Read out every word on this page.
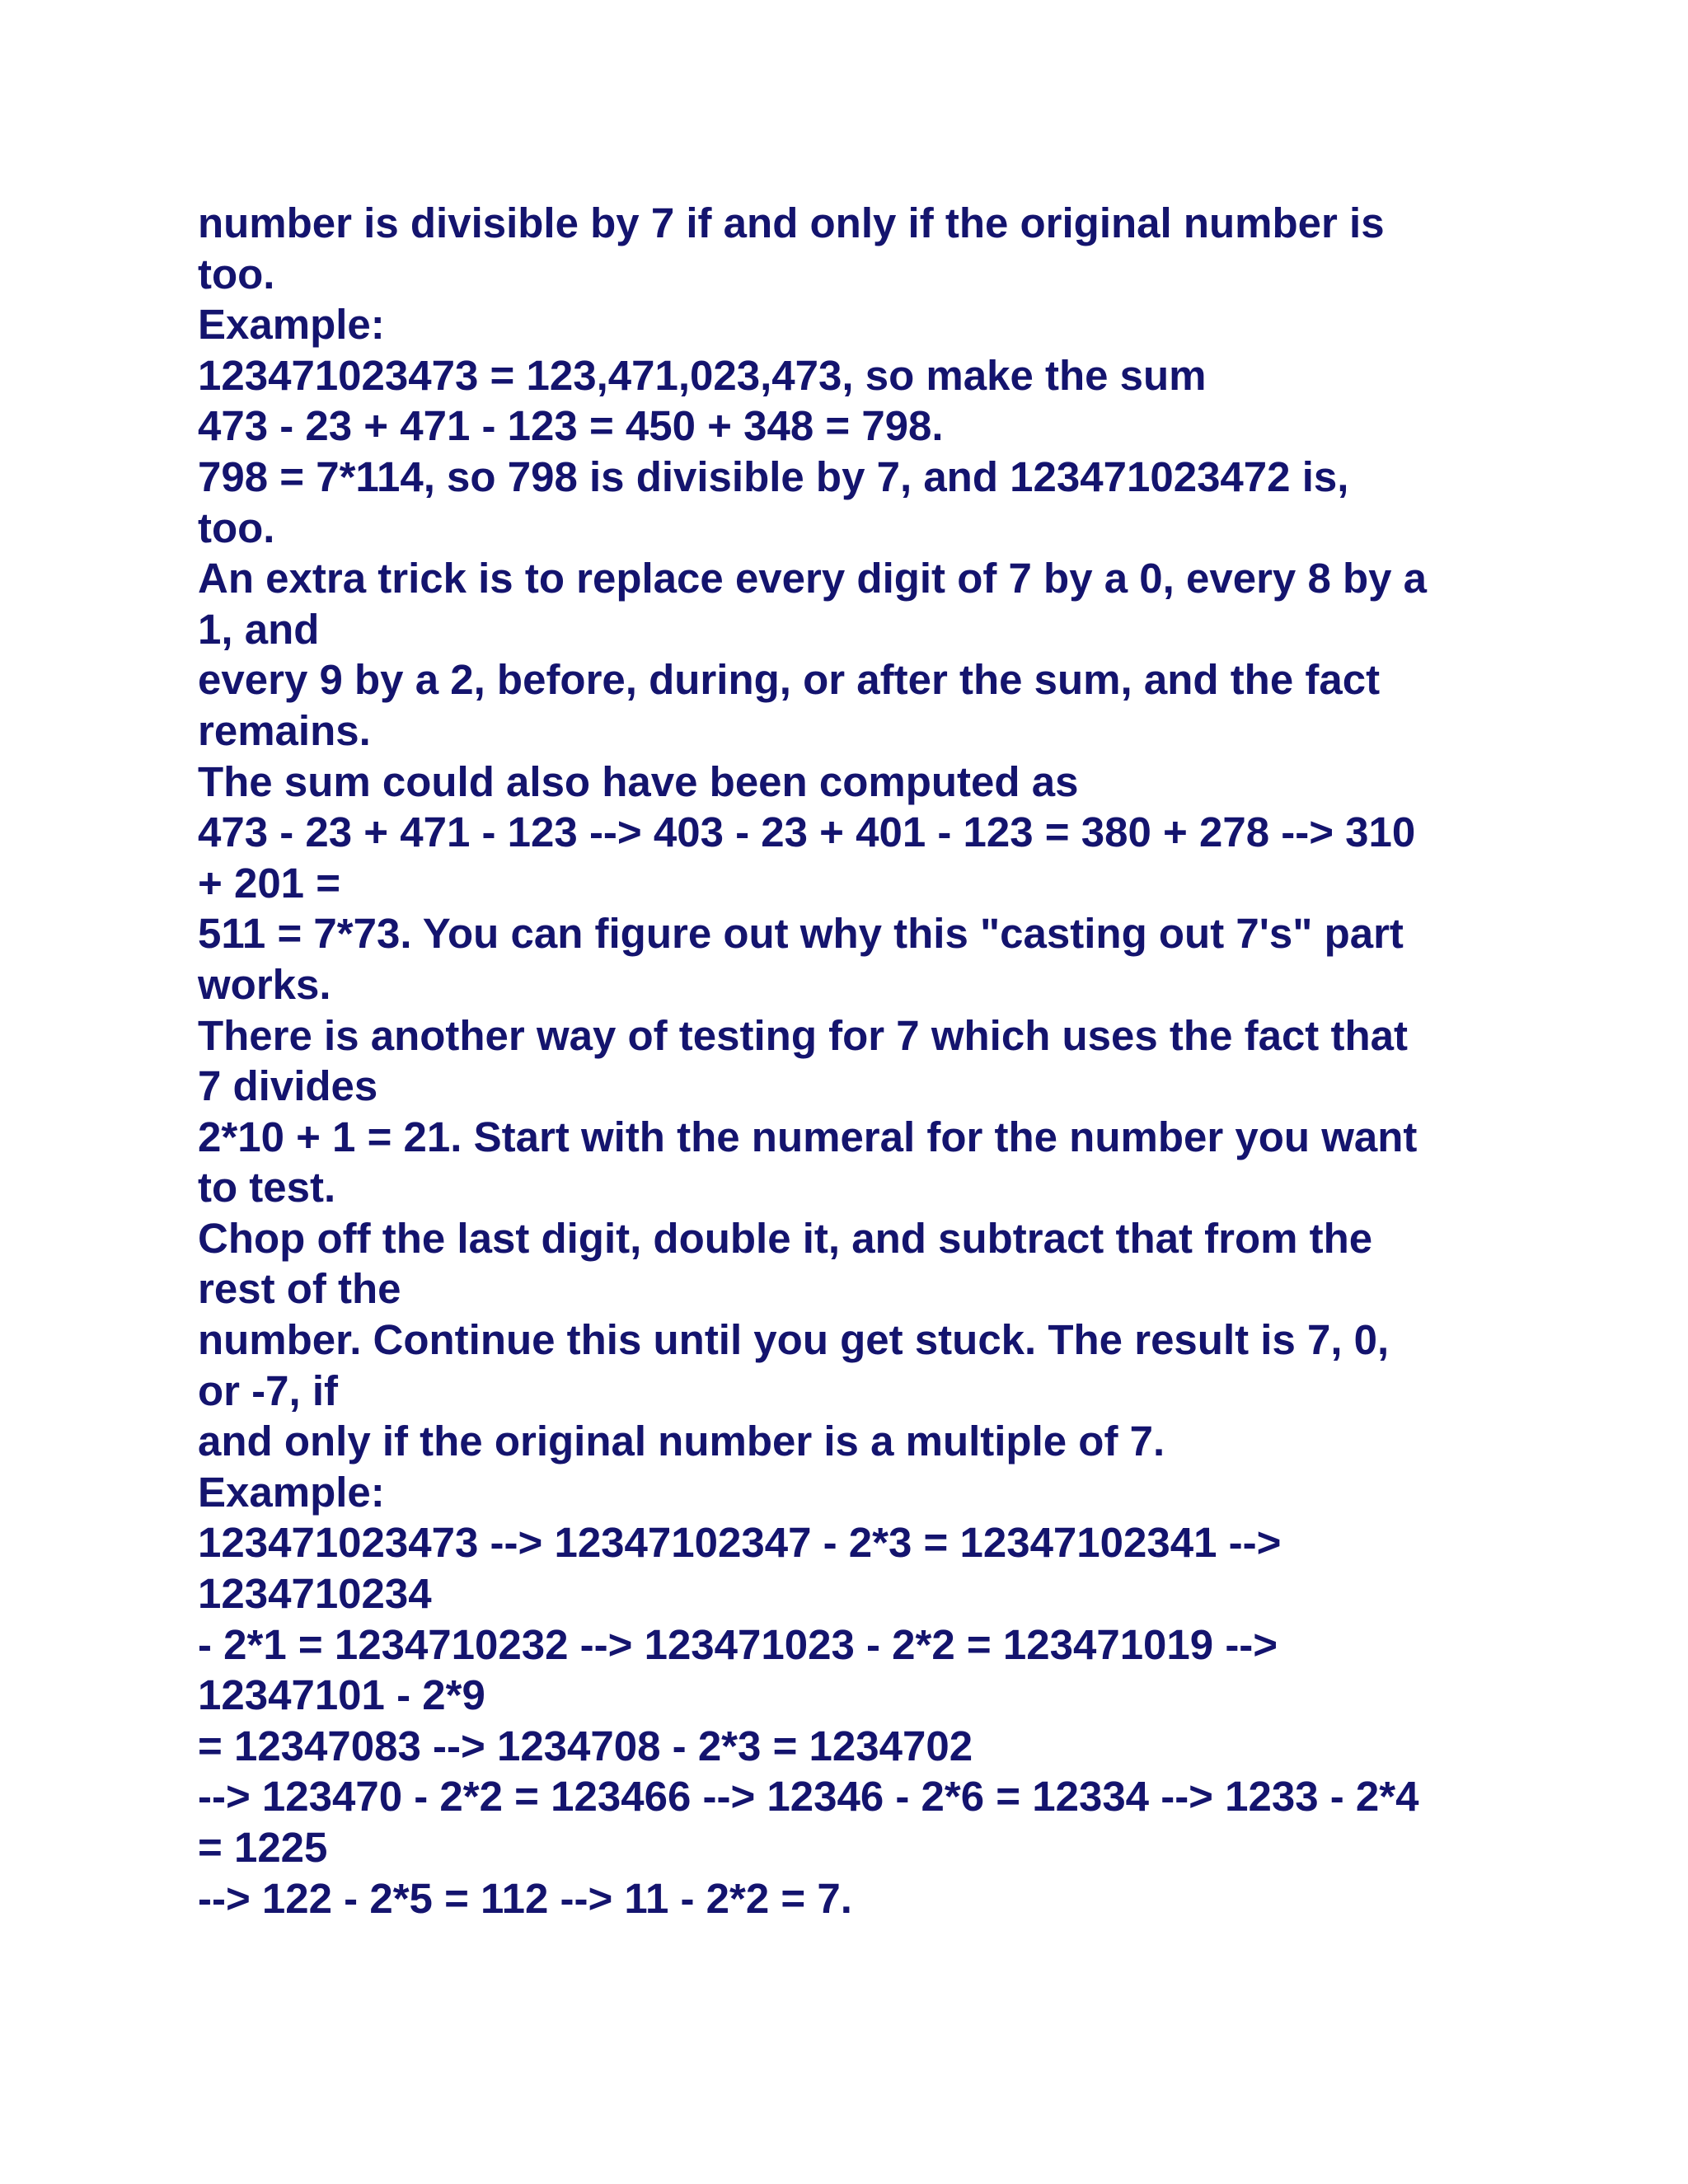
number is divisible by 7 if and only if the original number is
too.
Example:
123471023473 = 123,471,023,473, so make the sum
473 - 23 + 471 - 123 = 450 + 348 = 798.
798 = 7*114, so 798 is divisible by 7, and 123471023472 is,
too.
An extra trick is to replace every digit of 7 by a 0, every 8 by a
1, and
every 9 by a 2, before, during, or after the sum, and the fact
remains.
The sum could also have been computed as
473 - 23 + 471 - 123 --> 403 - 23 + 401 - 123 = 380 + 278 --> 310
+ 201 =
511 = 7*73. You can figure out why this "casting out 7's" part
works.
There is another way of testing for 7 which uses the fact that
7 divides
2*10 + 1 = 21. Start with the numeral for the number you want
to test.
Chop off the last digit, double it, and subtract that from the
rest of the
number. Continue this until you get stuck. The result is 7, 0,
or -7, if
and only if the original number is a multiple of 7.
Example:
123471023473 --> 12347102347 - 2*3 = 12347102341 -->
1234710234
- 2*1 = 1234710232 --> 123471023 - 2*2 = 123471019 -->
12347101 - 2*9
= 12347083 --> 1234708 - 2*3 = 1234702
--> 123470 - 2*2 = 123466 --> 12346 - 2*6 = 12334 --> 1233 - 2*4
= 1225
--> 122 - 2*5 = 112 --> 11 - 2*2 = 7.
